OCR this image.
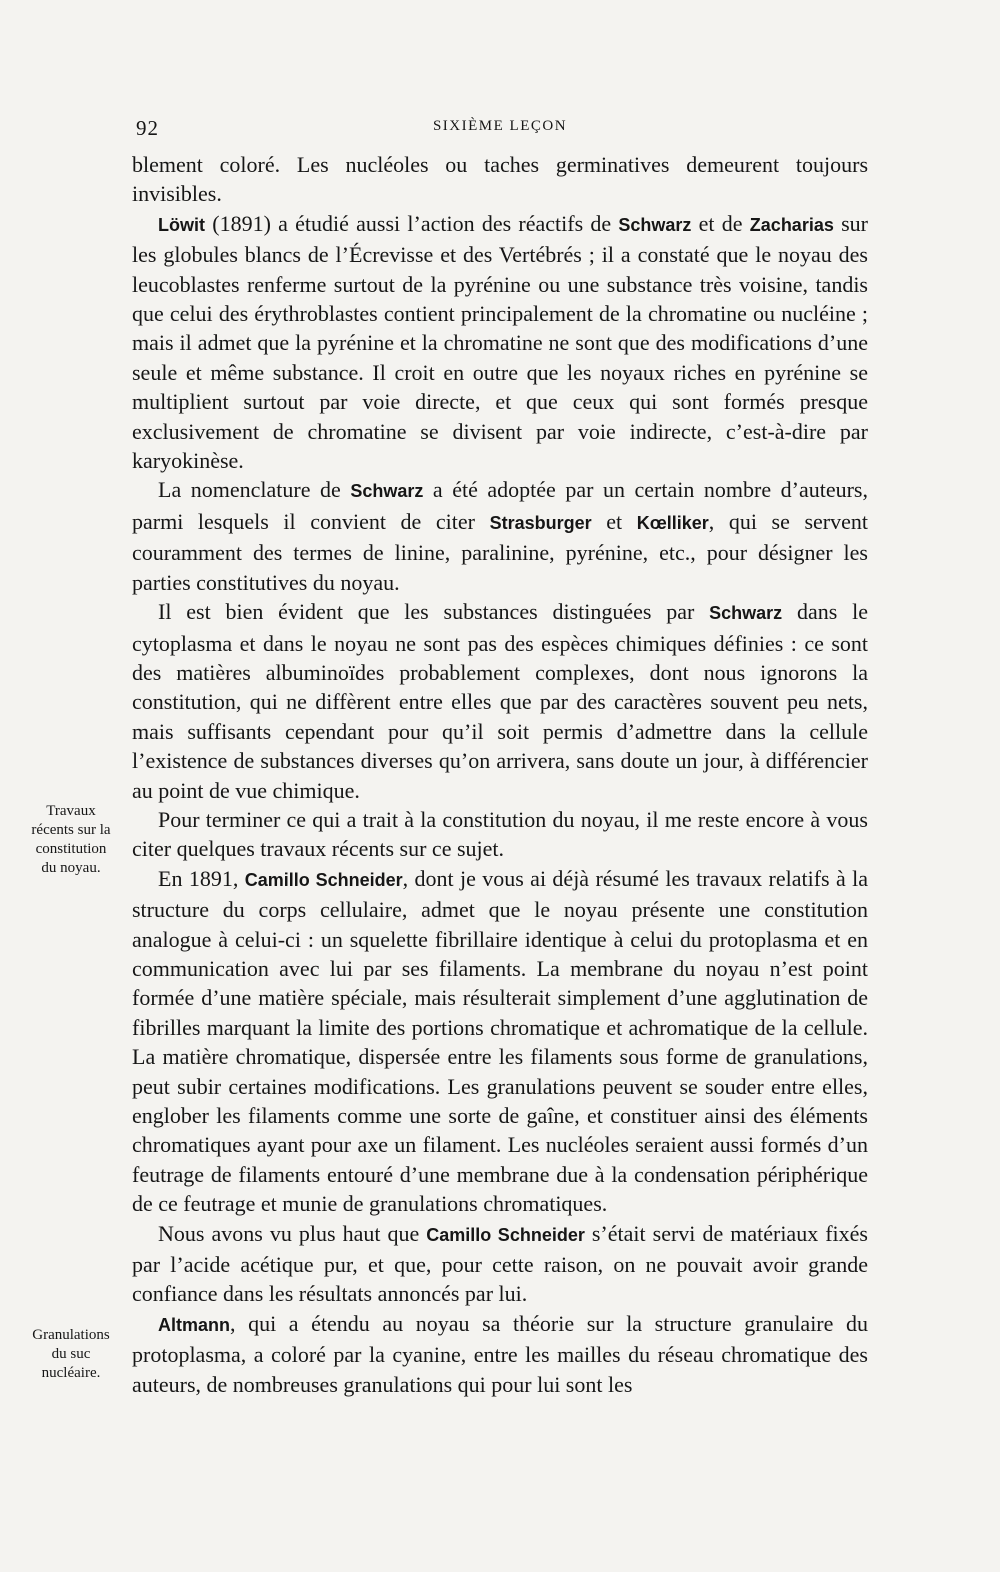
92	SIXIÈME LEÇON
Travaux
récents sur la
constitution
du noyau.
Granulations
du suc
nucléaire.

blement coloré. Les nucléoles ou taches germinatives demeurent toujours invisibles.

Löwit (1891) a étudié aussi l’action des réactifs de Schwarz et de Zacharias sur les globules blancs de l’Écrevisse et des Vertébrés ; il a constaté que le noyau des leucoblastes renferme surtout de la pyrénine ou une substance très voisine, tandis que celui des érythroblastes contient principalement de la chromatine ou nucléine ; mais il admet que la pyrénine et la chromatine ne sont que des modifications d’une seule et même substance. Il croit en outre que les noyaux riches en pyrénine se multiplient surtout par voie directe, et que ceux qui sont formés presque exclusivement de chromatine se divisent par voie indirecte, c’est-à-dire par karyokinèse.

La nomenclature de Schwarz a été adoptée par un certain nombre d’auteurs, parmi lesquels il convient de citer Strasburger et Kœlliker, qui se servent couramment des termes de linine, paralinine, pyrénine, etc., pour désigner les parties constitutives du noyau.

Il est bien évident que les substances distinguées par Schwarz dans le cytoplasma et dans le noyau ne sont pas des espèces chimiques définies : ce sont des matières albuminoïdes probablement complexes, dont nous ignorons la constitution, qui ne diffèrent entre elles que par des caractères souvent peu nets, mais suffisants cependant pour qu’il soit permis d’admettre dans la cellule l’existence de substances diverses qu’on arrivera, sans doute un jour, à différencier au point de vue chimique.

Pour terminer ce qui a trait à la constitution du noyau, il me reste encore à vous citer quelques travaux récents sur ce sujet.

En 1891, Camillo Schneider, dont je vous ai déjà résumé les travaux relatifs à la structure du corps cellulaire, admet que le noyau présente une constitution analogue à celui-ci : un squelette fibrillaire identique à celui du protoplasma et en communication avec lui par ses filaments. La membrane du noyau n’est point formée d’une matière spéciale, mais résulterait simplement d’une agglutination de fibrilles marquant la limite des portions chromatique et achromatique de la cellule. La matière chromatique, dispersée entre les filaments sous forme de granulations, peut subir certaines modifications. Les granulations peuvent se souder entre elles, englober les filaments comme une sorte de gaîne, et constituer ainsi des éléments chromatiques ayant pour axe un filament. Les nucléoles seraient aussi formés d’un feutrage de filaments entouré d’une membrane due à la condensation périphérique de ce feutrage et munie de granulations chromatiques.

Nous avons vu plus haut que Camillo Schneider s’était servi de matériaux fixés par l’acide acétique pur, et que, pour cette raison, on ne pouvait avoir grande confiance dans les résultats annoncés par lui.

Altmann, qui a étendu au noyau sa théorie sur la structure granulaire du protoplasma, a coloré par la cyanine, entre les mailles du réseau chromatique des auteurs, de nombreuses granulations qui pour lui sont les
